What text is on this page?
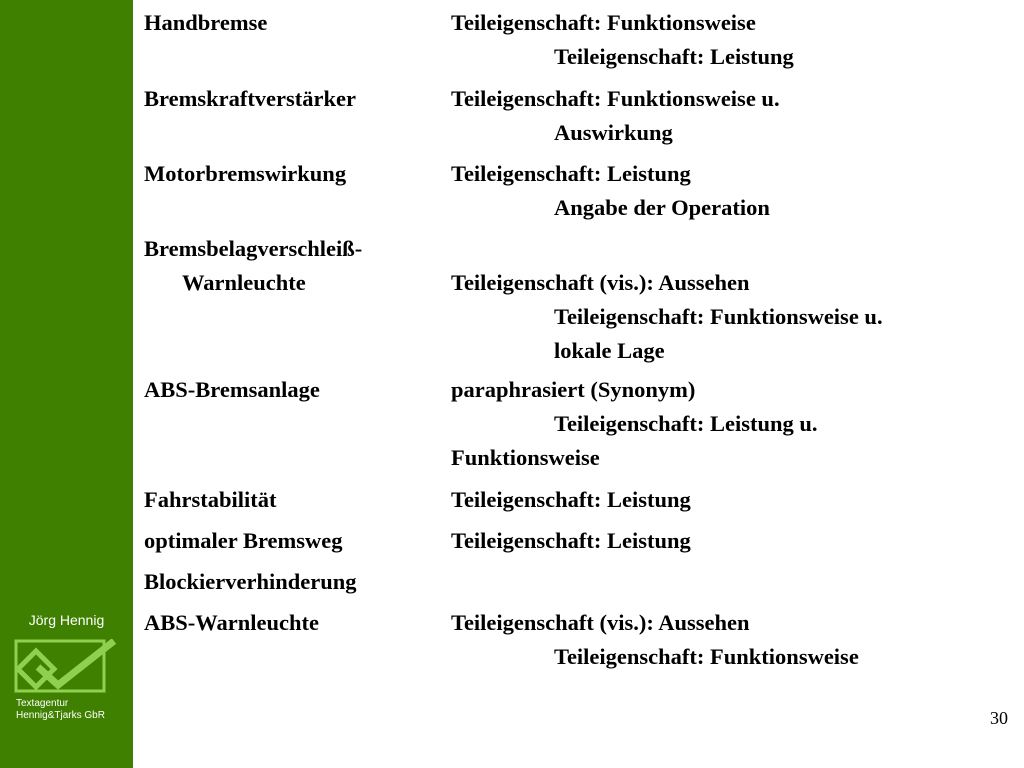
Jörg Hennig
Textagentur
Hennig&Tjarks GbR
Handbremse	Teileigenschaft: Funktionsweise
Teileigenschaft: Leistung
Bremskraftverstärker	Teileigenschaft: Funktionsweise u.
Auswirkung
Motorbremswirkung	Teileigenschaft: Leistung
Angabe der Operation
Bremsbelagverschleiß-
Warnleuchte	Teileigenschaft (vis.): Aussehen
Teileigenschaft: Funktionsweise u.
lokale Lage
ABS-Bremsanlage	paraphrasiert (Synonym)
Teileigenschaft: Leistung u.
Funktionsweise
Fahrstabilität	Teileigenschaft: Leistung
optimaler Bremsweg	Teileigenschaft: Leistung
Blockierverhinderung
ABS-Warnleuchte	Teileigenschaft (vis.): Aussehen
Teileigenschaft: Funktionsweise
30
